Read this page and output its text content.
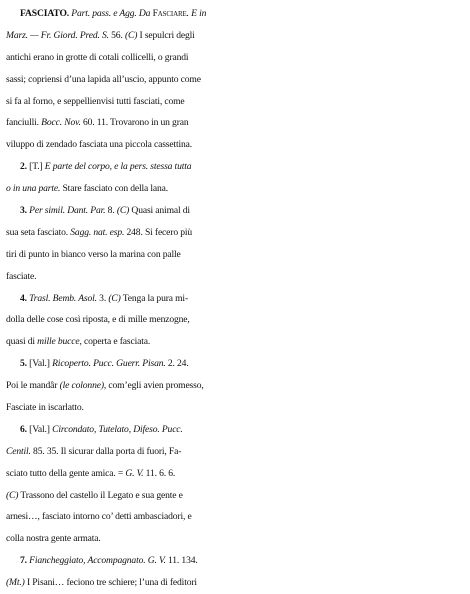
FASCIATO. Part. pass. e Agg. Da Fasciare. E in
Marz. — Fr. Giord. Pred. S. 56. (C) I sepulcri degli
antichi erano in grotte di cotali collicelli, o grandi
sassi; copriensi d’una lapida all’uscio, appunto come
si fa al forno, e seppellienvisi tutti fasciati, come
fanciulli. Bocc. Nov. 60. 11. Trovarono in un gran
viluppo di zendado fasciata una piccola cassettina.
2. [T.] E parte del corpo, e la pers. stessa tutta
o in una parte. Stare fasciato con della lana.
3. Per simil. Dant. Par. 8. (C) Quasi animal di
sua seta fasciato. Sagg. nat. esp. 248. Si fecero più
tiri di punto in bianco verso la marina con palle
fasciate.
4. Trasl. Bemb. Asol. 3. (C) Tenga la pura mi-
dolla delle cose così riposta, e di mille menzogne,
quasi di mille bucce, coperta e fasciata.
5. [Val.] Ricoperto. Pucc. Guerr. Pisan. 2. 24.
Poi le mandâr (le colonne), com’egli avien promesso,
Fasciate in iscarlatto.
6. [Val.] Circondato, Tutelato, Difeso. Pucc.
Centil. 85. 35. Il sicurar dalla porta di fuori, Fa-
sciato tutto della gente amica. = G. V. 11. 6. 6.
(C) Trassono del castello il Legato e sua gente e
arnesi…, fasciato intorno co’ detti ambasciadori, e
colla nostra gente armata.
7. Fiancheggiato, Accompagnato. G. V. 11. 134.
(Mt.) I Pisani… feciono tre schiere; l’una di feditori
